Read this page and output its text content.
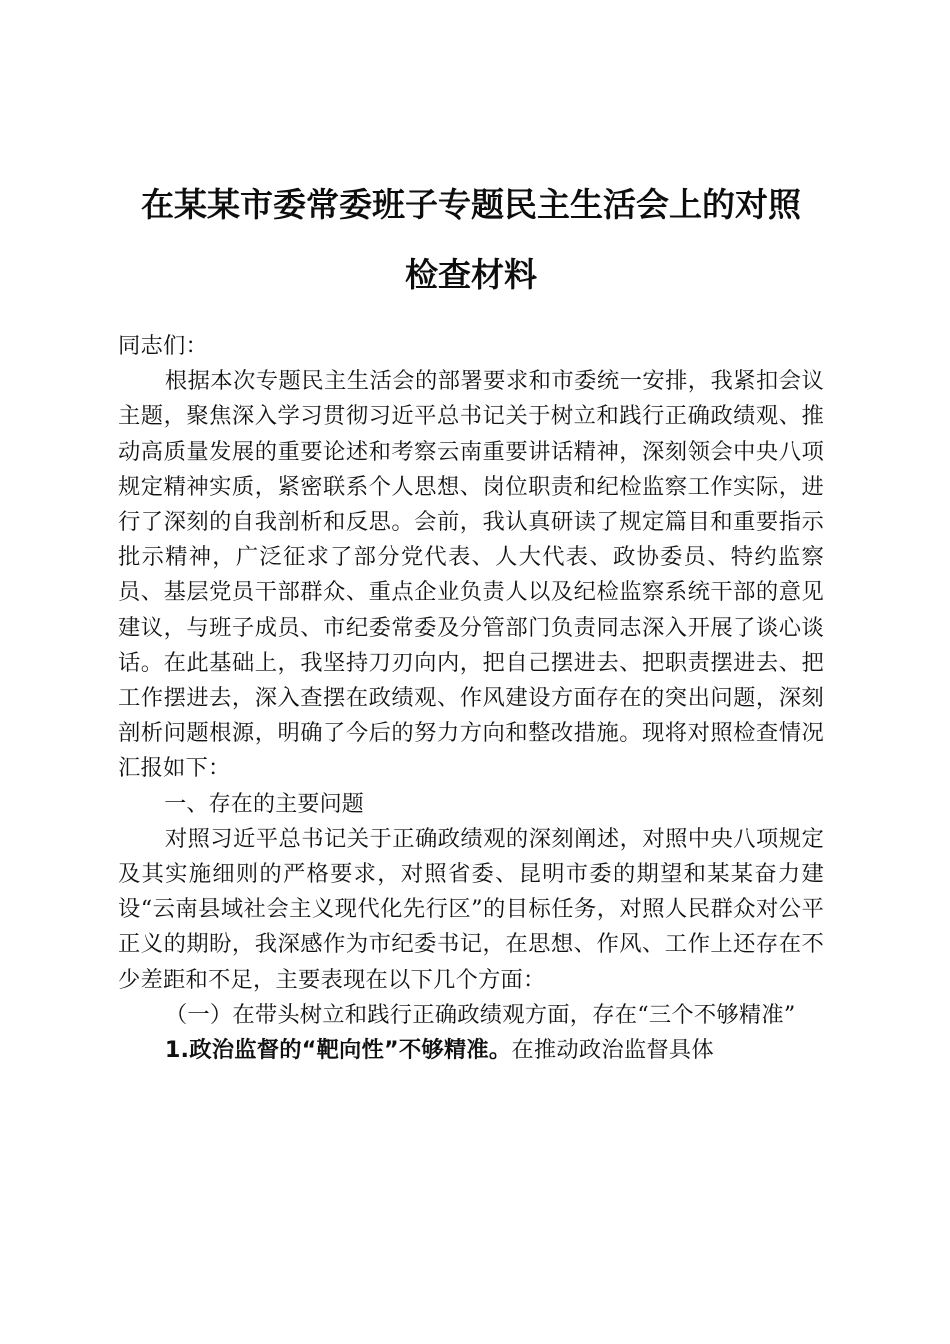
在某某市委常委班子专题民主生活会上的对照
检查材料

同志们：

根据本次专题民主生活会的部署要求和市委统一安排，我紧扣会议主题，聚焦深入学习贯彻习近平总书记关于树立和践行正确政绩观、推动高质量发展的重要论述和考察云南重要讲话精神，深刻领会中央八项规定精神实质，紧密联系个人思想、岗位职责和纪检监察工作实际，进行了深刻的自我剖析和反思。会前，我认真研读了规定篇目和重要指示批示精神，广泛征求了部分党代表、人大代表、政协委员、特约监察员、基层党员干部群众、重点企业负责人以及纪检监察系统干部的意见建议，与班子成员、市纪委常委及分管部门负责同志深入开展了谈心谈话。在此基础上，我坚持刀刃向内，把自己摆进去、把职责摆进去、把工作摆进去，深入查摆在政绩观、作风建设方面存在的突出问题，深刻剖析问题根源，明确了今后的努力方向和整改措施。现将对照检查情况汇报如下：

一、存在的主要问题

对照习近平总书记关于正确政绩观的深刻阐述，对照中央八项规定及其实施细则的严格要求，对照省委、昆明市委的期望和某某奋力建设“云南县域社会主义现代化先行区”的目标任务，对照人民群众对公平正义的期盼，我深感作为市纪委书记，在思想、作风、工作上还存在不少差距和不足，主要表现在以下几个方面：

（一）在带头树立和践行正确政绩观方面，存在“三个不够精准”

1.政治监督的“靶向性”不够精准。在推动政治监督具体
